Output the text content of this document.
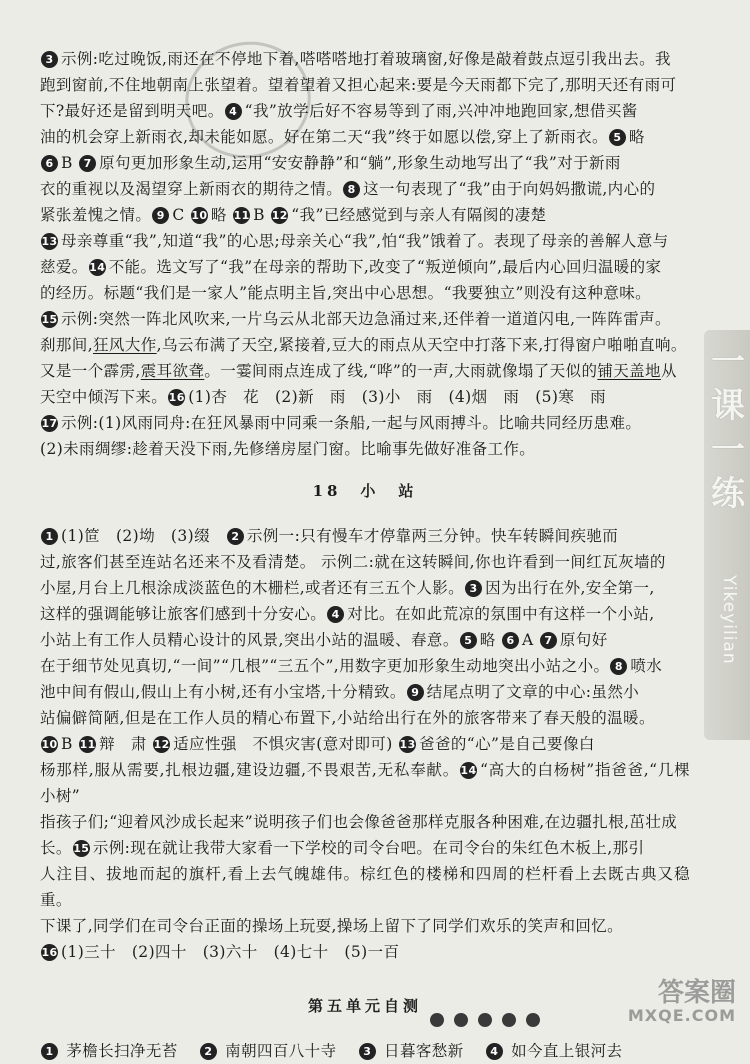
3 示例:吃过晚饭,雨还在不停地下着,嗒嗒嗒地打着玻璃窗,好像是敲着鼓点逗引我出去。我

跑到窗前,不住地朝南上张望着。望着望着又担心起来:要是今天雨都下完了,那明天还有雨可

下?最好还是留到明天吧。 4 “我”放学后好不容易等到了雨,兴冲冲地跑回家,想借买酱

油的机会穿上新雨衣,却未能如愿。好在第二天“我”终于如愿以偿,穿上了新雨衣。 5 略

6 B 7 原句更加形象生动,运用“安安静静”和“躺”,形象生动地写出了“我”对于新雨

衣的重视以及渴望穿上新雨衣的期待之情。 8 这一句表现了“我”由于向妈妈撒谎,内心的

紧张羞愧之情。 9 C 10 略 11 B 12 “我”已经感觉到与亲人有隔阂的凄楚

13 母亲尊重“我”,知道“我”的心思;母亲关心“我”,怕“我”饿着了。表现了母亲的善解人意与

慈爱。14 不能。选文写了“我”在母亲的帮助下,改变了“叛逆倾向”,最后内心回归温暖的家

的经历。标题“我们是一家人”能点明主旨,突出中心思想。“我要独立”则没有这种意味。

15 示例:突然一阵北风吹来,一片乌云从北部天边急涌过来,还伴着一道道闪电,一阵阵雷声。

刹那间,狂风大作,乌云布满了天空,紧接着,豆大的雨点从天空中打落下来,打得窗户啪啪直响。

又是一个霹雳,震耳欲聋。一霎间雨点连成了线,“哗”的一声,大雨就像塌了天似的铺天盖地从

天空中倾泻下来。16 (1)杏　花　(2)新　雨　(3)小　雨　(4)烟　雨　(5)寒　雨

17 示例:(1)风雨同舟:在狂风暴雨中同乘一条船,一起与风雨搏斗。比喻共同经历患难。

(2)未雨绸缪:趁着天没下雨,先修缮房屋门窗。比喻事先做好准备工作。

18　小　站

1 (1)笸　(2)坳　(3)缀　2 示例一:只有慢车才停靠两三分钟。快车转瞬间疾驰而

过,旅客们甚至连站名还来不及看清楚。 示例二:就在这转瞬间,你也许看到一间红瓦灰墙的

小屋,月台上几根涂成淡蓝色的木栅栏,或者还有三五个人影。 3 因为出行在外,安全第一,

这样的强调能够让旅客们感到十分安心。 4 对比。在如此荒凉的氛围中有这样一个小站,

小站上有工作人员精心设计的风景,突出小站的温暖、春意。 5 略 6 A 7 原句好

在于细节处见真切,“一间”“几根”“三五个”,用数字更加形象生动地突出小站之小。 8 喷水

池中间有假山,假山上有小树,还有小宝塔,十分精致。 9 结尾点明了文章的中心:虽然小

站偏僻简陋,但是在工作人员的精心布置下,小站给出行在外的旅客带来了春天般的温暖。

10 B 11 辩　肃 12 适应性强　不惧灾害(意对即可) 13 爸爸的“心”是自己要像白

杨那样,服从需要,扎根边疆,建设边疆,不畏艰苦,无私奉献。14 “高大的白杨树”指爸爸,“几棵小树”

指孩子们;“迎着风沙成长起来”说明孩子们也会像爸爸那样克服各种困难,在边疆扎根,茁壮成

长。15 示例:现在就让我带大家看一下学校的司令台吧。在司令台的朱红色木板上,那引

人注目、拔地而起的旗杆,看上去气魄雄伟。棕红色的楼梯和四周的栏杆看上去既古典又稳重。

下课了,同学们在司令台正面的操场上玩耍,操场上留下了同学们欢乐的笑声和回忆。

16 (1)三十　(2)四十　(3)六十　(4)七十　(5)一百

第五单元自测

1 茅檐长扫净无苔　 2 南朝四百八十寺　 3 日暮客愁新　 4 如今直上银河去
一
课
一
练
Yikeyilian
答案圈
MXQE.COM
